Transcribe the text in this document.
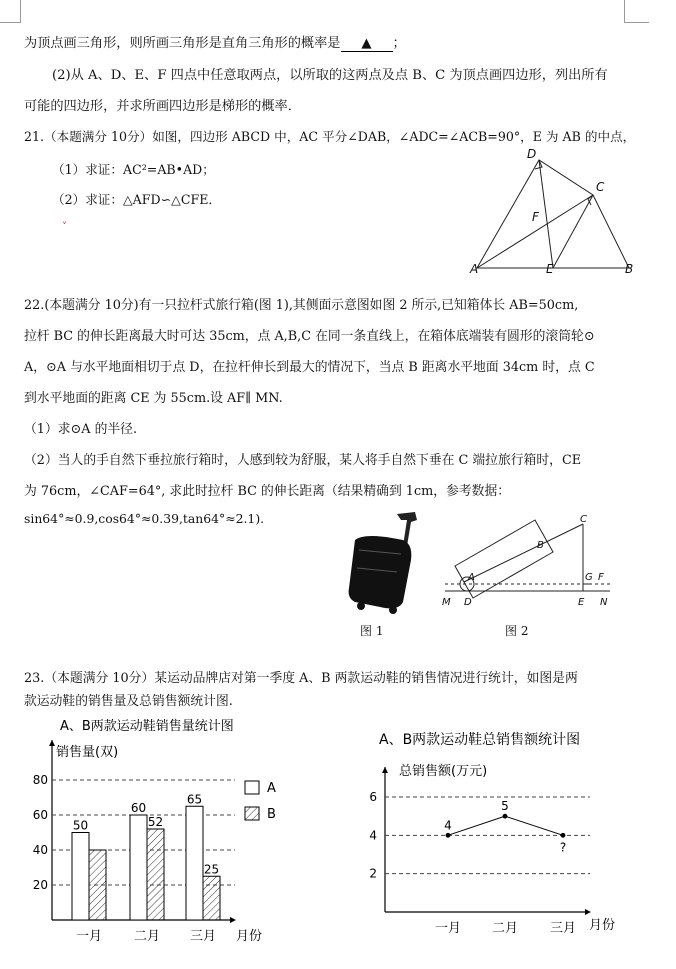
为顶点画三角形，则所画三角形是直角三角形的概率是 ▲ ；
(2)从 A、D、E、F 四点中任意取两点，以所取的这两点及点 B、C 为顶点画四边形，列出所有
可能的四边形，并求所画四边形是梯形的概率．
21.（本题满分 10分）如图，四边形 ABCD 中，AC 平分∠DAB，∠ADC=∠ACB=90°，E 为 AB 的中点，
（1）求证：AC²=AB•AD；
（2）求证：△AFD∽△CFE．
D
C
F
A	E	B
˅
22.(本题满分 10分)有一只拉杆式旅行箱(图 1),其侧面示意图如图 2 所示,已知箱体长 AB=50cm,
拉杆 BC 的伸长距离最大时可达 35cm，点 A,B,C 在同一条直线上，在箱体底端装有圆形的滚筒轮⊙
A，⊙A 与水平地面相切于点 D，在拉杆伸长到最大的情况下，当点 B 距离水平地面 34cm 时，点 C
到水平地面的距离 CE 为 55cm.设 AF∥ MN.
（1）求⊙A 的半径.
（2）当人的手自然下垂拉旅行箱时，人感到较为舒服，某人将手自然下垂在 C 端拉旅行箱时，CE
为 76cm，∠CAF=64°, 求此时拉杆 BC 的伸长距离（结果精确到 1cm，参考数据：
sin64°≈0.9,cos64°≈0.39,tan64°≈2.1).
图 1
C
B
A	G F
M D	E N
图 2
23.（本题满分 10分）某运动品牌店对第一季度 A、B 两款运动鞋的销售情况进行统计，如图是两
款运动鞋的销售量及总销售额统计图.
A、B两款运动鞋销售量统计图
销售量(双)
月份
20
40
60
80
50
一月
60
52
二月
65
25
三月
A
B
A、B两款运动鞋总销售额统计图
总销售额(万元)
月份
2
4
6
4
一月
5
二月
?
三月
